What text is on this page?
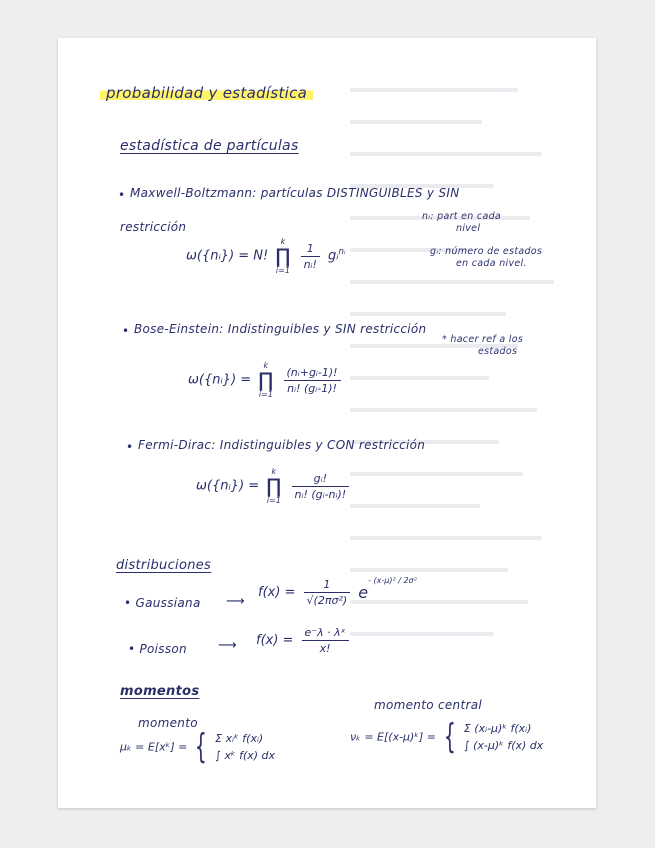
probabilidad y estadística
estadística de partículas
• Maxwell-Boltzmann: partículas DISTINGUIBLES y SIN
restricción
nᵢ: part en cada
nivel
gᵢ: número de estados
en cada nivel.
ω({nᵢ}) = N!
k
∏
i=1
$\frac{1}{\text{nᵢ!}}$ gᵢ$^{nᵢ}$
• Bose-Einstein: Indistinguibles y SIN restricción
* hacer ref a los
estados
ω({nᵢ}) =
k
∏
i=1
$\frac{\text{(nᵢ+gᵢ-1)!}}{\text{nᵢ! (gᵢ-1)!}}$
• Fermi-Dirac: Indistinguibles y CON restricción
ω({nᵢ}) =
k
∏
i=1
$\frac{\text{gᵢ!}}{\text{nᵢ! (gᵢ-nᵢ)!}}$
distribuciones
• Gaussiana ⟶
$f(x) = \frac{1}{\text{√(2πσ²)}} e^{- (x-\mu)^2 / 2\sigma^2}$
• Poisson ⟶ $f(x) = \frac{\text{e⁻λ · λˣ}}{x!}$
momentos
momento
momento central
μₖ = E[xᵏ] = { Σ xᵢᵏ f(xᵢ)
∫ xᵏ f(x) dx
νₖ = E[(x-μ)ᵏ] = { Σ (xᵢ-μ)ᵏ f(xᵢ)
∫ (x-μ)ᵏ f(x) dx
